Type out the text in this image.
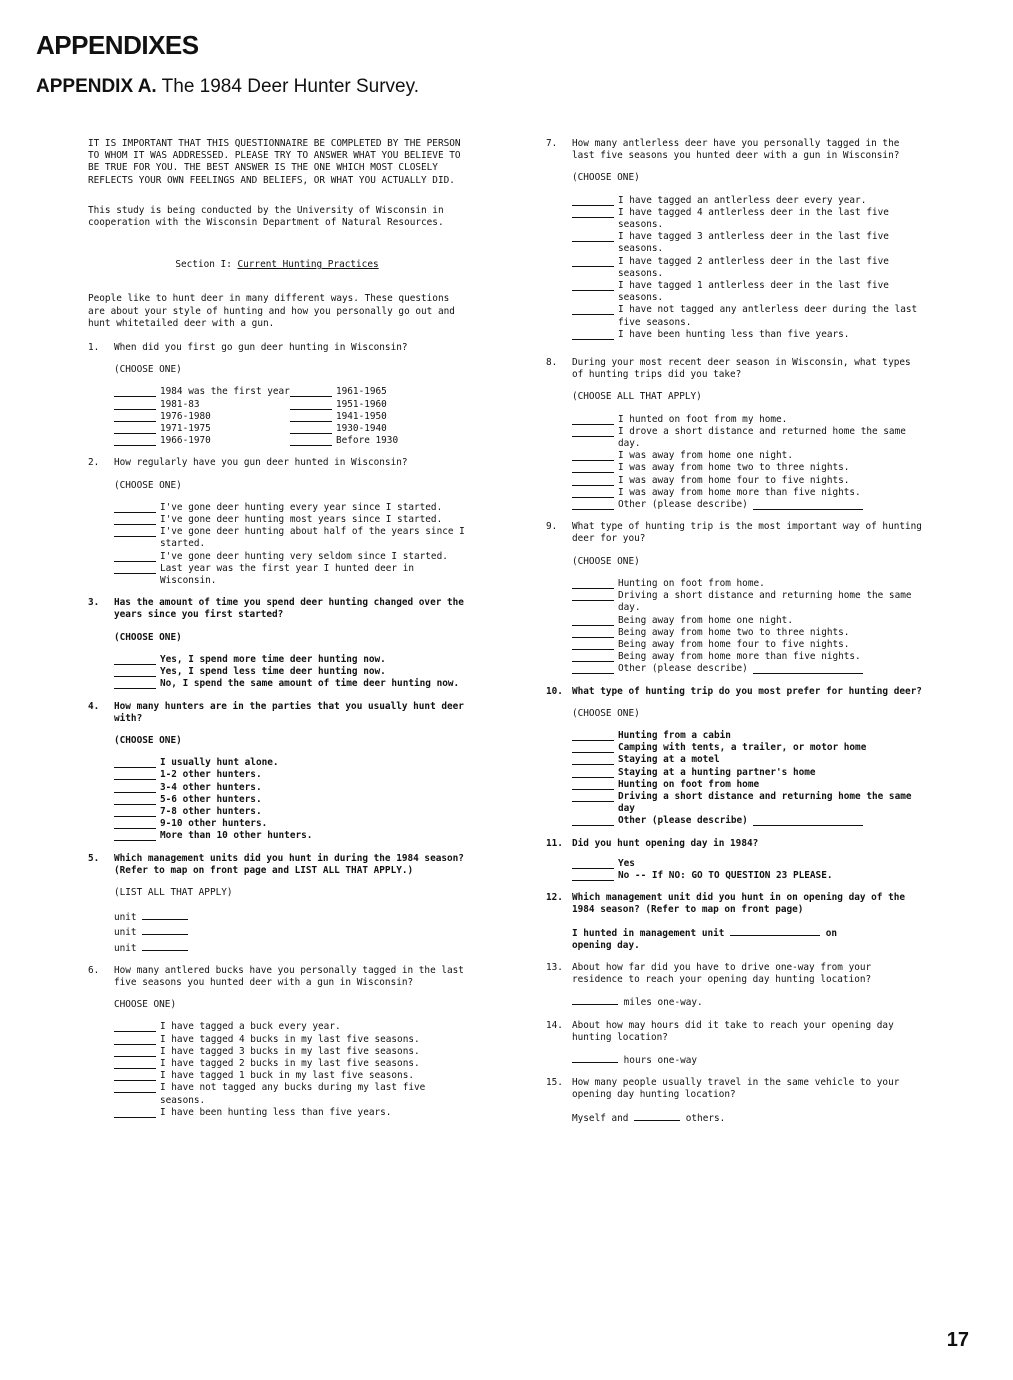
APPENDIXES

APPENDIX A. The 1984 Deer Hunter Survey.

IT IS IMPORTANT THAT THIS QUESTIONNAIRE BE COMPLETED BY THE PERSON TO WHOM IT WAS ADDRESSED. PLEASE TRY TO ANSWER WHAT YOU BELIEVE TO BE TRUE FOR YOU. THE BEST ANSWER IS THE ONE WHICH MOST CLOSELY REFLECTS YOUR OWN FEELINGS AND BELIEFS, OR WHAT YOU ACTUALLY DID.

This study is being conducted by the University of Wisconsin in cooperation with the Wisconsin Department of Natural Resources.

Section I: Current Hunting Practices

People like to hunt deer in many different ways. These questions are about your style of hunting and how you personally go out and hunt whitetailed deer with a gun.

1.	When did you first go gun deer hunting in Wisconsin?
(CHOOSE ONE)
1984 was the first year
1981-83
1976-1980
1971-1975
1966-1970
1961-1965
1951-1960
1941-1950
1930-1940
Before 1930
2.	How regularly have you gun deer hunted in Wisconsin?
(CHOOSE ONE)
I've gone deer hunting every year since I started.
I've gone deer hunting most years since I started.
I've gone deer hunting about half of the years since I started.
I've gone deer hunting very seldom since I started.
Last year was the first year I hunted deer in Wisconsin.
3.	Has the amount of time you spend deer hunting changed over the years since you first started?
(CHOOSE ONE)
Yes, I spend more time deer hunting now.
Yes, I spend less time deer hunting now.
No, I spend the same amount of time deer hunting now.
4.	How many hunters are in the parties that you usually hunt deer with?
(CHOOSE ONE)
I usually hunt alone.
1-2 other hunters.
3-4 other hunters.
5-6 other hunters.
7-8 other hunters.
9-10 other hunters.
More than 10 other hunters.
5.	Which management units did you hunt in during the 1984 season? (Refer to map on front page and LIST ALL THAT APPLY.)
(LIST ALL THAT APPLY)
unit
unit
unit
6.	How many antlered bucks have you personally tagged in the last five seasons you hunted deer with a gun in Wisconsin?
CHOOSE ONE)
I have tagged a buck every year.
I have tagged 4 bucks in my last five seasons.
I have tagged 3 bucks in my last five seasons.
I have tagged 2 bucks in my last five seasons.
I have tagged 1 buck in my last five seasons.
I have not tagged any bucks during my last five seasons.
I have been hunting less than five years.
7.	How many antlerless deer have you personally tagged in the last five seasons you hunted deer with a gun in Wisconsin?
(CHOOSE ONE)
I have tagged an antlerless deer every year.
I have tagged 4 antlerless deer in the last five seasons.
I have tagged 3 antlerless deer in the last five seasons.
I have tagged 2 antlerless deer in the last five seasons.
I have tagged 1 antlerless deer in the last five seasons.
I have not tagged any antlerless deer during the last five seasons.
I have been hunting less than five years.
8.	During your most recent deer season in Wisconsin, what types of hunting trips did you take?
(CHOOSE ALL THAT APPLY)
I hunted on foot from my home.
I drove a short distance and returned home the same day.
I was away from home one night.
I was away from home two to three nights.
I was away from home four to five nights.
I was away from home more than five nights.
Other (please describe)

9.	What type of hunting trip is the most important way of hunting deer for you?
(CHOOSE ONE)
Hunting on foot from home.
Driving a short distance and returning home the same day.
Being away from home one night.
Being away from home two to three nights.
Being away from home four to five nights.
Being away from home more than five nights.
Other (please describe)

10. What type of hunting trip do you most prefer for hunting deer?
(CHOOSE ONE)
Hunting from a cabin
Camping with tents, a trailer, or motor home
Staying at a motel
Staying at a hunting partner's home
Hunting on foot from home
Driving a short distance and returning home the same day
Other (please describe)

11. Did you hunt opening day in 1984?
Yes
No -- If NO: GO TO QUESTION 23 PLEASE.
12. Which management unit did you hunt in on opening day of the 1984 season? (Refer to map on front page)
I hunted in management unit	on
opening day.
13. About how far did you have to drive one-way from your residence to reach your opening day hunting location?
miles one-way.
14. About how may hours did it take to reach your opening day hunting location?
hours one-way
15. How many people usually travel in the same vehicle to your opening day hunting location?
Myself and	others.
17
